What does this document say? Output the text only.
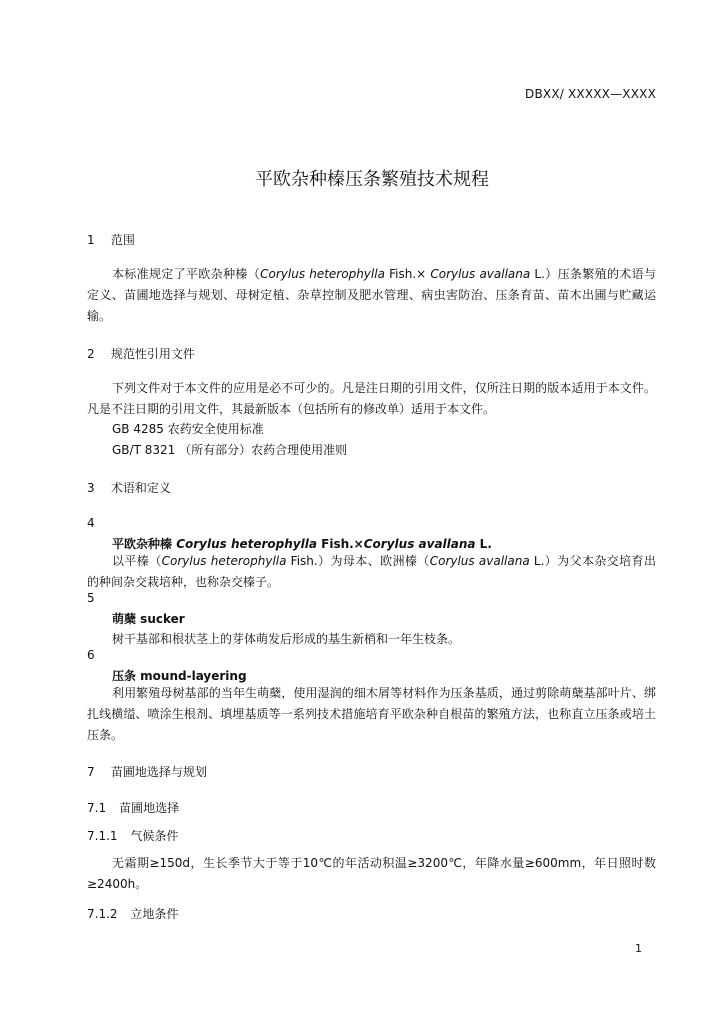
DBXX/ XXXXX—XXXX
平欧杂种榛压条繁殖技术规程
1 范围
本标准规定了平欧杂种榛（Corylus heterophylla Fish.× Corylus avallana L.）压条繁殖的术语与定义、苗圃地选择与规划、母树定植、杂草控制及肥水管理、病虫害防治、压条育苗、苗木出圃与贮藏运输。
2 规范性引用文件
下列文件对于本文件的应用是必不可少的。凡是注日期的引用文件，仅所注日期的版本适用于本文件。凡是不注日期的引用文件，其最新版本（包括所有的修改单）适用于本文件。
GB 4285 农药安全使用标准
GB/T 8321 （所有部分）农药合理使用准则
3 术语和定义
4
平欧杂种榛 Corylus heterophylla Fish.×Corylus avallana L.
以平榛（Corylus heterophylla Fish.）为母本、欧洲榛（Corylus avallana L.）为父本杂交培育出的种间杂交栽培种，也称杂交榛子。
5
萌蘖 sucker
树干基部和根状茎上的芽体萌发后形成的基生新梢和一年生枝条。
6
压条 mound-layering
利用繁殖母树基部的当年生萌蘖，使用湿润的细木屑等材料作为压条基质，通过剪除萌蘖基部叶片、绑扎线横缢、喷涂生根剂、填埋基质等一系列技术措施培育平欧杂种自根苗的繁殖方法，也称直立压条或培土压条。
7 苗圃地选择与规划
7.1 苗圃地选择
7.1.1 气候条件
无霜期≥150d，生长季节大于等于10℃的年活动积温≥3200℃，年降水量≥600mm，年日照时数≥2400h。
7.1.2 立地条件
1
